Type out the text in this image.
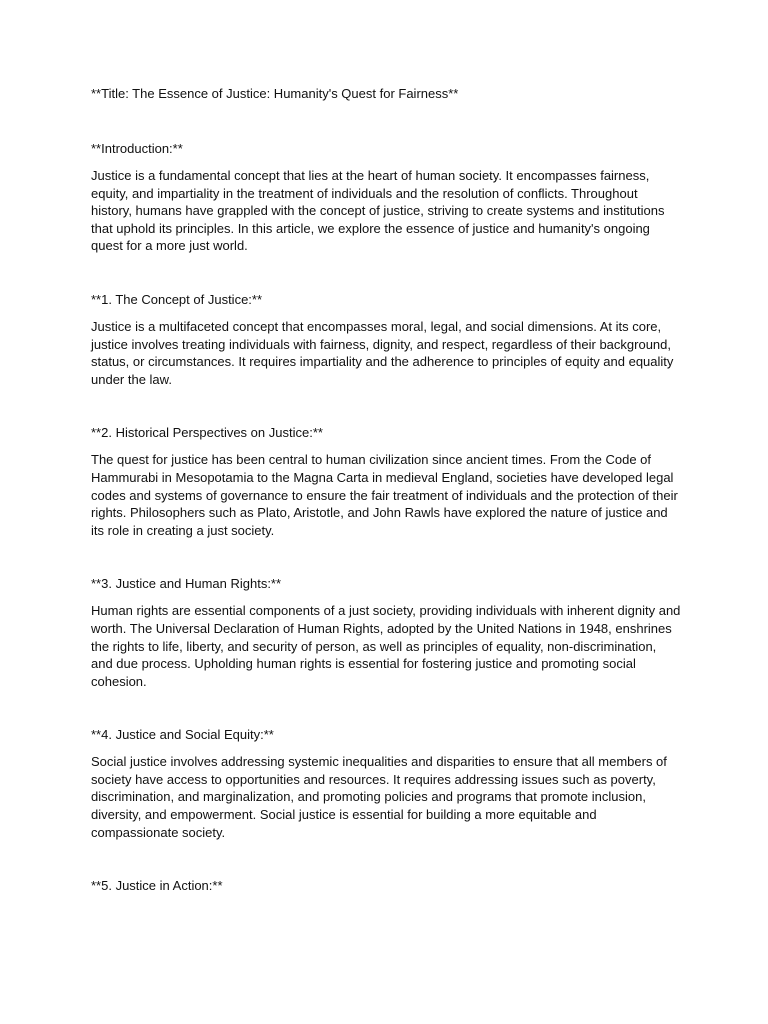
**Title: The Essence of Justice: Humanity's Quest for Fairness**

**Introduction:**

Justice is a fundamental concept that lies at the heart of human society. It encompasses fairness, equity, and impartiality in the treatment of individuals and the resolution of conflicts. Throughout history, humans have grappled with the concept of justice, striving to create systems and institutions that uphold its principles. In this article, we explore the essence of justice and humanity's ongoing quest for a more just world.

**1. The Concept of Justice:**

Justice is a multifaceted concept that encompasses moral, legal, and social dimensions. At its core, justice involves treating individuals with fairness, dignity, and respect, regardless of their background, status, or circumstances. It requires impartiality and the adherence to principles of equity and equality under the law.

**2. Historical Perspectives on Justice:**

The quest for justice has been central to human civilization since ancient times. From the Code of Hammurabi in Mesopotamia to the Magna Carta in medieval England, societies have developed legal codes and systems of governance to ensure the fair treatment of individuals and the protection of their rights. Philosophers such as Plato, Aristotle, and John Rawls have explored the nature of justice and its role in creating a just society.

**3. Justice and Human Rights:**

Human rights are essential components of a just society, providing individuals with inherent dignity and worth. The Universal Declaration of Human Rights, adopted by the United Nations in 1948, enshrines the rights to life, liberty, and security of person, as well as principles of equality, non-discrimination, and due process. Upholding human rights is essential for fostering justice and promoting social cohesion.

**4. Justice and Social Equity:**

Social justice involves addressing systemic inequalities and disparities to ensure that all members of society have access to opportunities and resources. It requires addressing issues such as poverty, discrimination, and marginalization, and promoting policies and programs that promote inclusion, diversity, and empowerment. Social justice is essential for building a more equitable and compassionate society.

**5. Justice in Action:**
